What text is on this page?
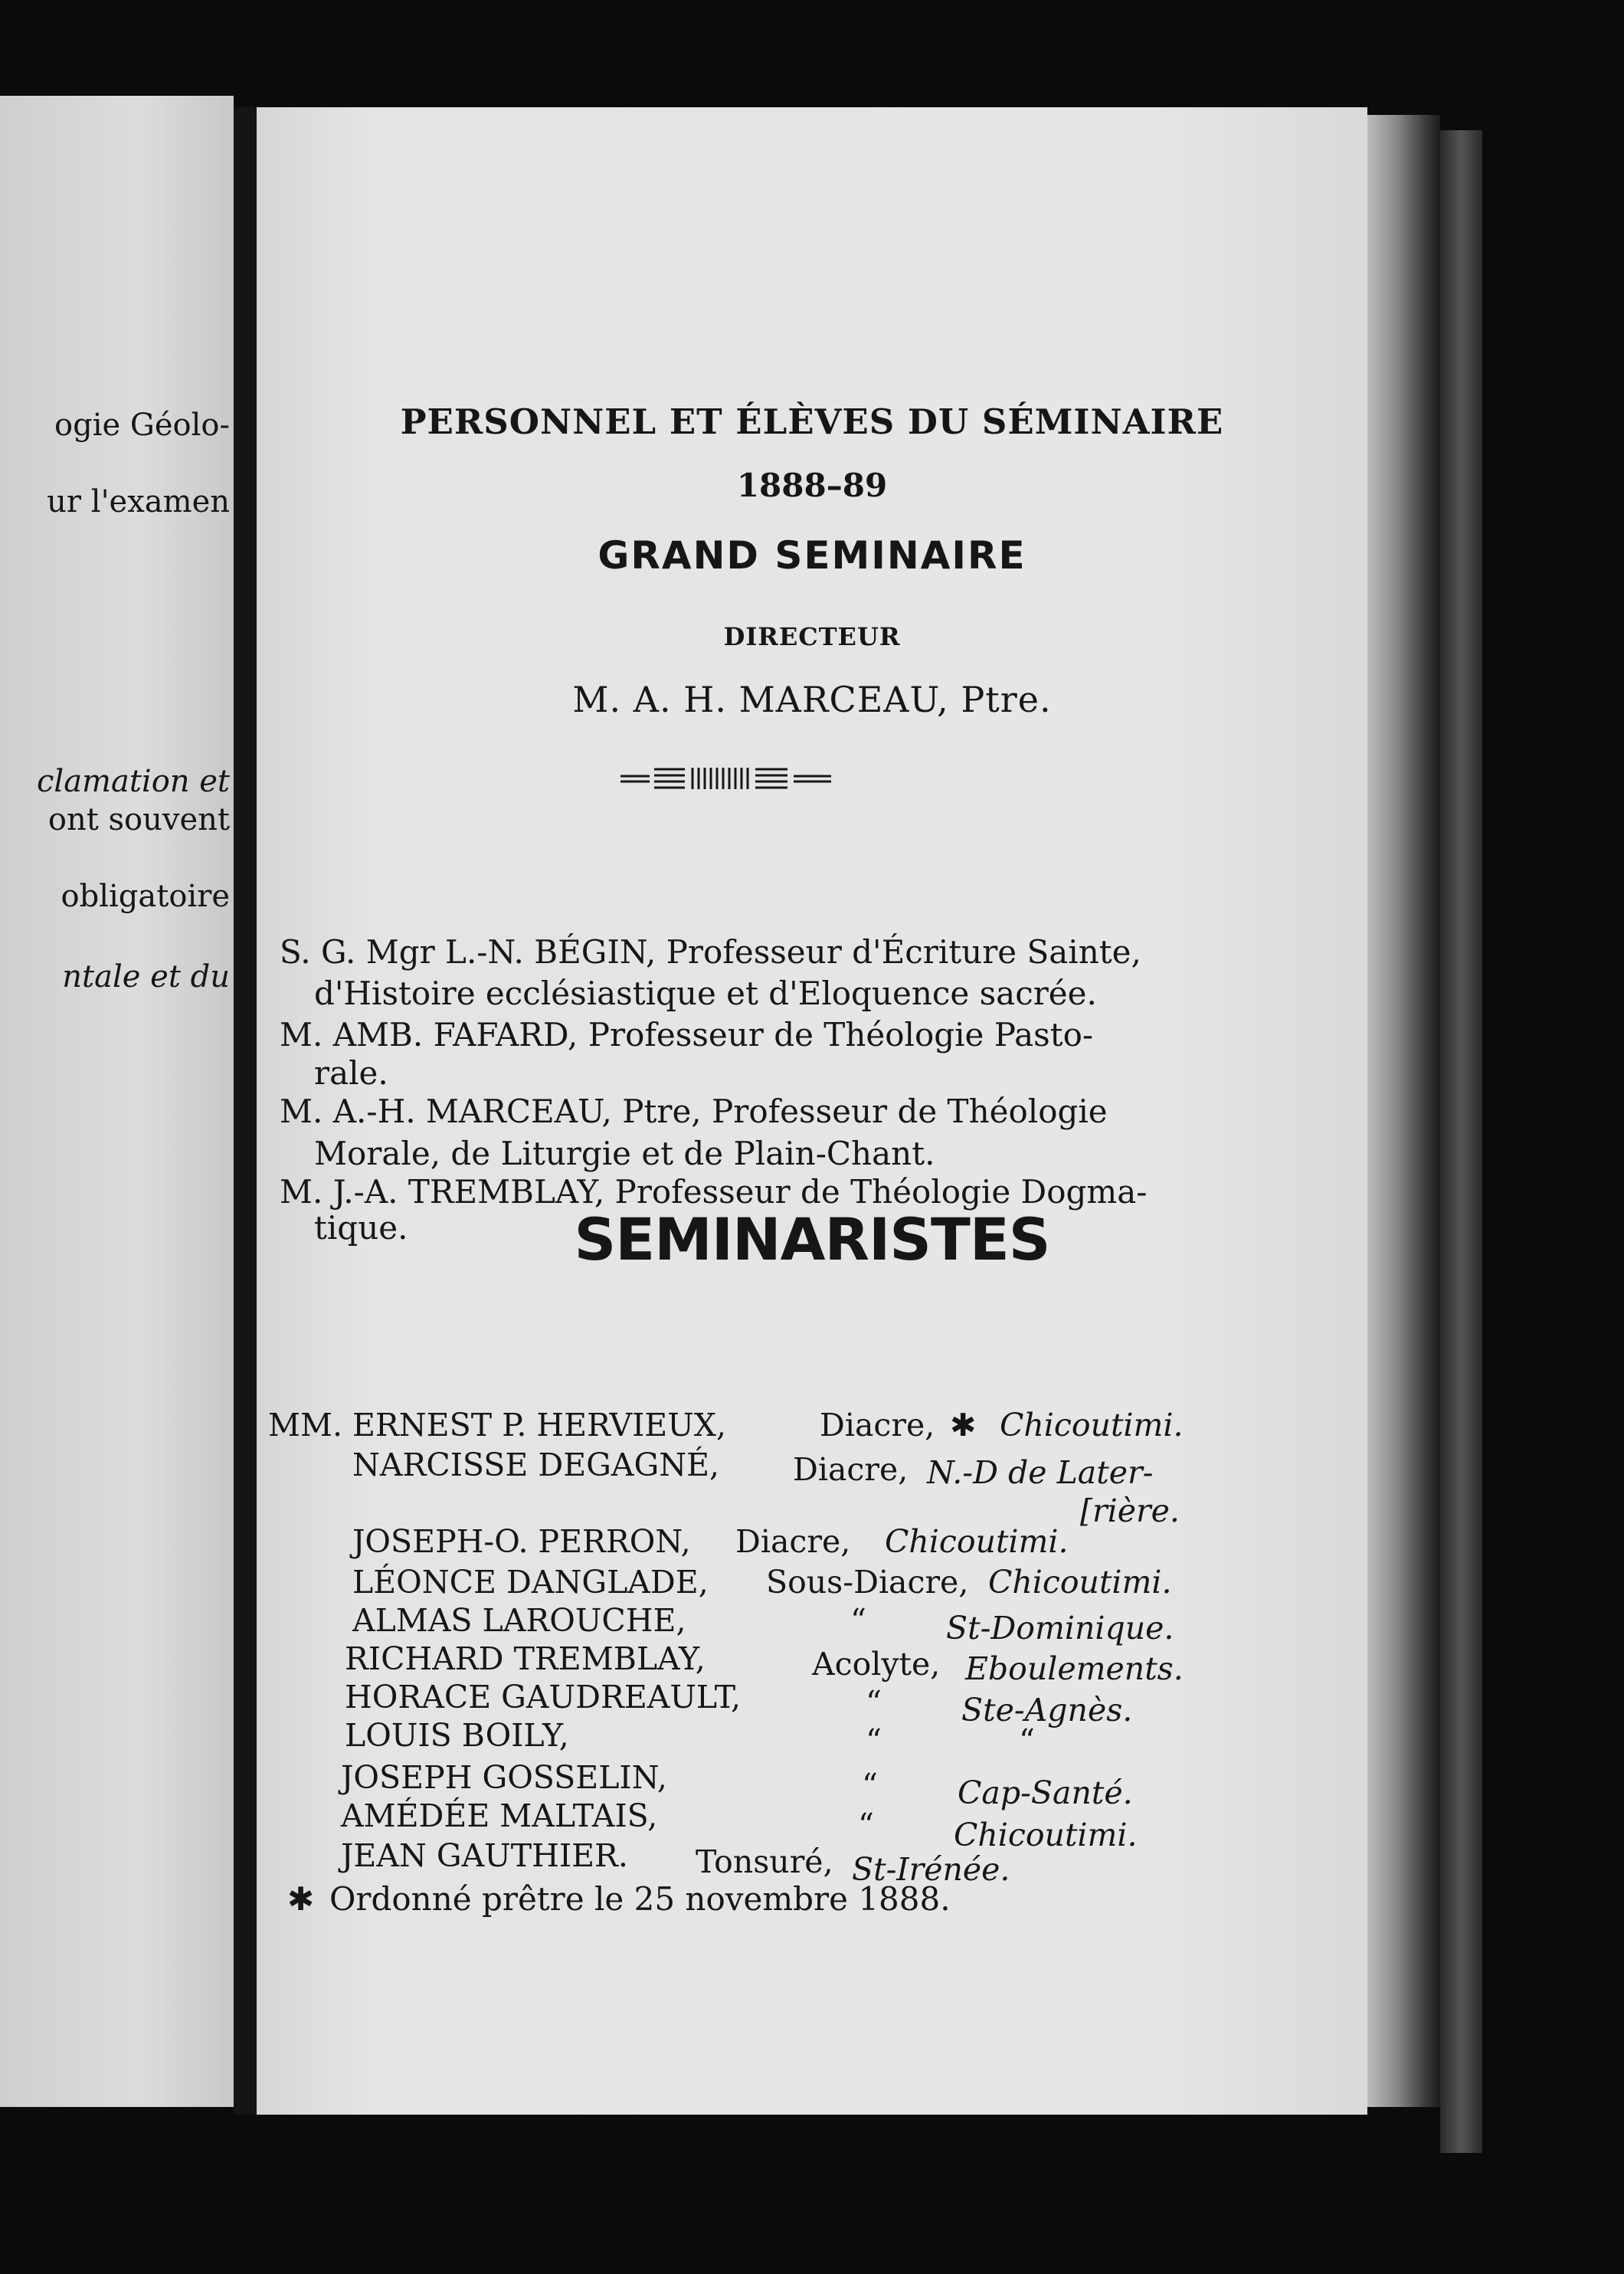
ogie Géolo-
ur l'examen
clamation et
ont souvent
obligatoire
ntale et du
PERSONNEL ET ÉLÈVES DU SÉMINAIRE
1888–89
GRAND SEMINAIRE
DIRECTEUR
M. A. H. MARCEAU, Ptre.
S. G. Mgr L.-N. BÉGIN, Professeur d'Écriture Sainte,
d'Histoire ecclésiastique et d'Eloquence sacrée.
M. AMB. FAFARD, Professeur de Théologie Pasto-
rale.
M. A.-H. MARCEAU, Ptre, Professeur de Théologie
Morale, de Liturgie et de Plain-Chant.
M. J.-A. TREMBLAY, Professeur de Théologie Dogma-
tique.	SEMINARISTES
MM. ERNEST P. HERVIEUX,	Diacre, ✱ Chicoutimi.
NARCISSE DEGAGNÉ, Diacre, N.-D de Later-
[rière.
JOSEPH-O. PERRON, Diacre, Chicoutimi.
LÉONCE DANGLADE, Sous-Diacre, Chicoutimi.
ALMAS LAROUCHE,	“	St-Dominique.
RICHARD TREMBLAY,	Acolyte, Eboulements.
HORACE GAUDREAULT,	“	Ste-Agnès.
LOUIS BOILY,	“	“
JOSEPH GOSSELIN,	“	Cap-Santé.
AMÉDÉE MALTAIS,	“	Chicoutimi.
JEAN GAUTHIER. Tonsuré, St-Irénée.
✱ Ordonné prêtre le 25 novembre 1888.
